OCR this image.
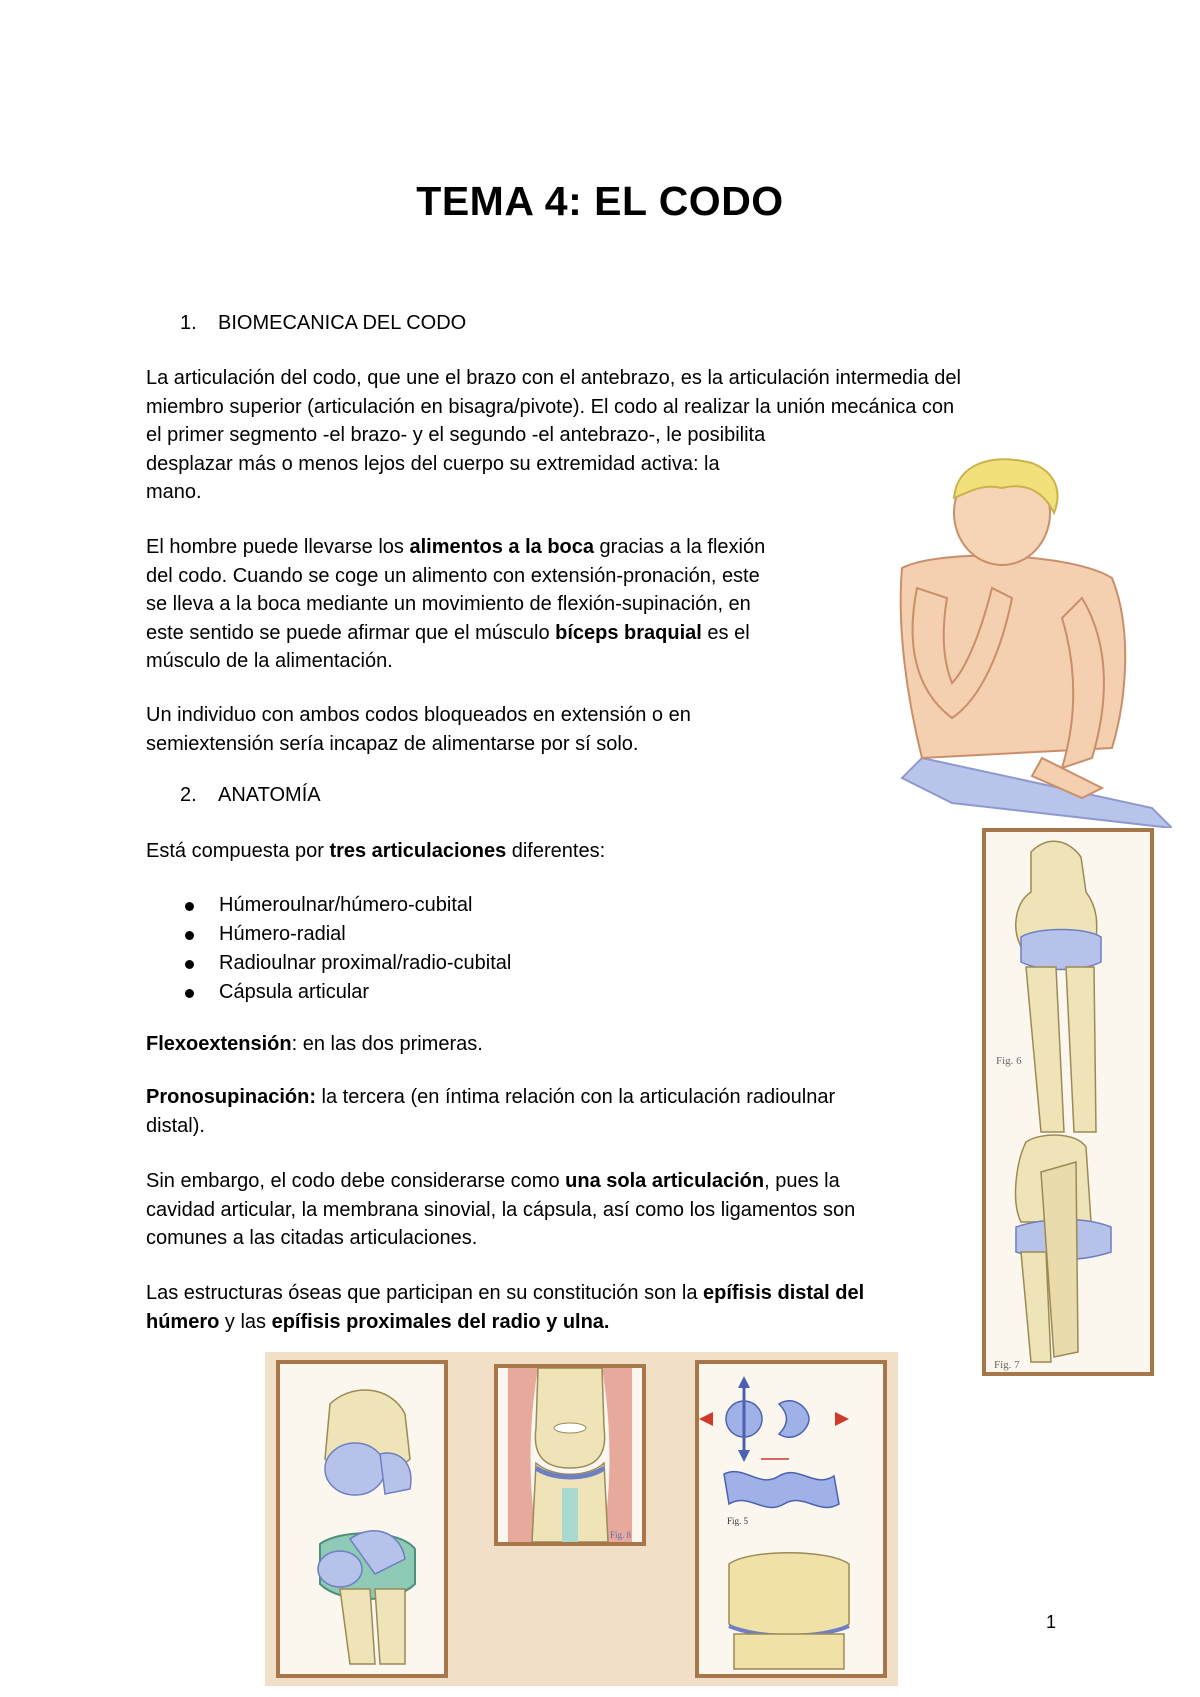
TEMA 4: EL CODO
1. BIOMECANICA DEL CODO

La articulación del codo, que une el brazo con el antebrazo, es la articulación intermedia del

miembro superior (articulación en bisagra/pivote). El codo al realizar la unión mecánica con

el primer segmento -el brazo- y el segundo -el antebrazo-, le posibilita

desplazar más o menos lejos del cuerpo su extremidad activa: la

mano.

El hombre puede llevarse los alimentos a la boca gracias a la flexión

del codo. Cuando se coge un alimento con extensión-pronación, este

se lleva a la boca mediante un movimiento de flexión-supinación, en

este sentido se puede afirmar que el músculo bíceps braquial es el

músculo de la alimentación.

Un individuo con ambos codos bloqueados en extensión o en

semiextensión sería incapaz de alimentarse por sí solo.

2. ANATOMÍA

Está compuesta por tres articulaciones diferentes:

Húmeroulnar/húmero-cubital
Húmero-radial
Radioulnar proximal/radio-cubital
Cápsula articular

Flexoextensión: en las dos primeras.

Pronosupinación: la tercera (en íntima relación con la articulación radioulnar

distal).

Sin embargo, el codo debe considerarse como una sola articulación, pues la

cavidad articular, la membrana sinovial, la cápsula, así como los ligamentos son

comunes a las citadas articulaciones.

Las estructuras óseas que participan en su constitución son la epífisis distal del

húmero y las epífisis proximales del radio y ulna.

Fig. 6
Fig. 7
Fig. 8
Fig. 5
1
